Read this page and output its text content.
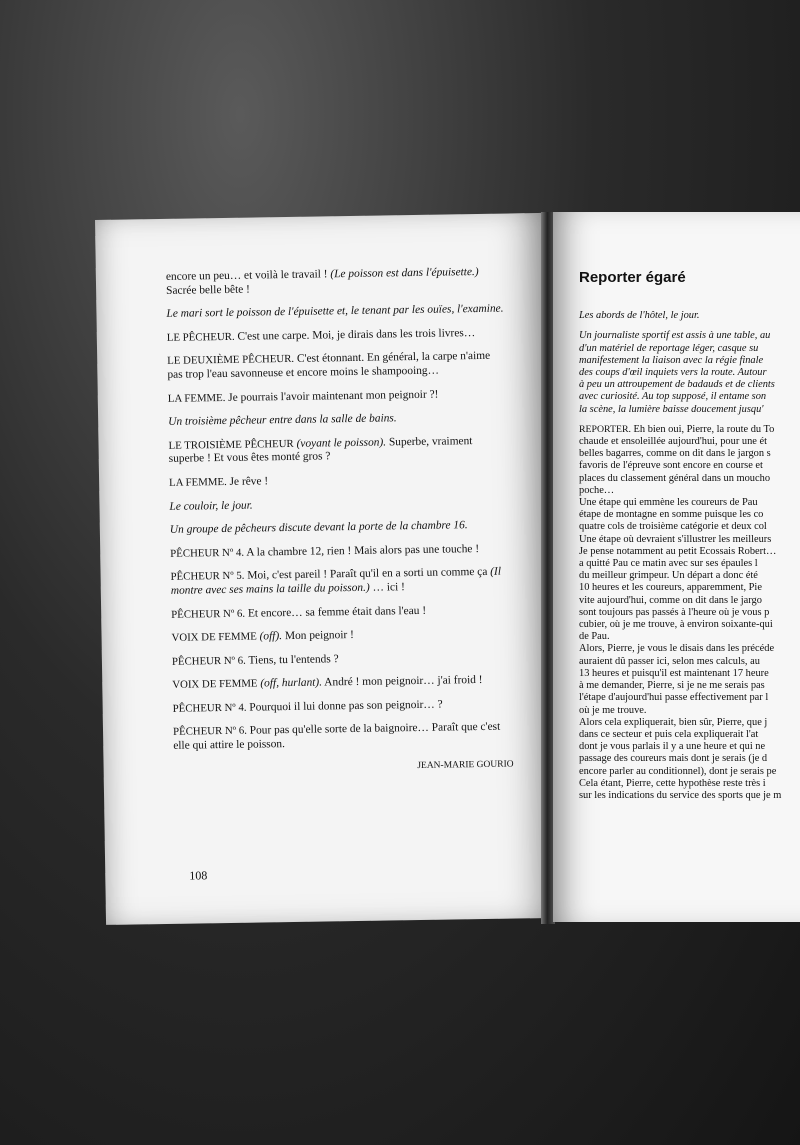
encore un peu… et voilà le travail ! (Le poisson est dans l'épuisette.) Sacrée belle bête !

Le mari sort le poisson de l'épuisette et, le tenant par les ouïes, l'examine.

LE PÊCHEUR. C'est une carpe. Moi, je dirais dans les trois livres…

LE DEUXIÈME PÊCHEUR. C'est étonnant. En général, la carpe n'aime pas trop l'eau savonneuse et encore moins le shampooing…

LA FEMME. Je pourrais l'avoir maintenant mon peignoir ?!

Un troisième pêcheur entre dans la salle de bains.

LE TROISIÈME PÊCHEUR (voyant le poisson). Superbe, vraiment superbe ! Et vous êtes monté gros ?

LA FEMME. Je rêve !

Le couloir, le jour.

Un groupe de pêcheurs discute devant la porte de la chambre 16.

PÊCHEUR Nº 4. A la chambre 12, rien ! Mais alors pas une touche !

PÊCHEUR Nº 5. Moi, c'est pareil ! Paraît qu'il en a sorti un comme ça (Il montre avec ses mains la taille du poisson.) … ici !

PÊCHEUR Nº 6. Et encore… sa femme était dans l'eau !

VOIX DE FEMME (off). Mon peignoir !

PÊCHEUR Nº 6. Tiens, tu l'entends ?

VOIX DE FEMME (off, hurlant). André ! mon peignoir… j'ai froid !

PÊCHEUR Nº 4. Pourquoi il lui donne pas son peignoir… ?

PÊCHEUR Nº 6. Pour pas qu'elle sorte de la baignoire… Paraît que c'est elle qui attire le poisson.

JEAN-MARIE GOURIO
108
Reporter égaré

Les abords de l'hôtel, le jour.

Un journaliste sportif est assis à une table, au
d'un matériel de reportage léger, casque su
manifestement la liaison avec la régie finale
des coups d'œil inquiets vers la route. Autour
à peu un attroupement de badauds et de clients
avec curiosité. Au top supposé, il entame son
la scène, la lumière baisse doucement jusqu'

REPORTER. Eh bien oui, Pierre, la route du To
chaude et ensoleillée aujourd'hui, pour une ét
belles bagarres, comme on dit dans le jargon s
favoris de l'épreuve sont encore en course et
places du classement général dans un moucho
poche…
Une étape qui emmène les coureurs de Pau
étape de montagne en somme puisque les co
quatre cols de troisième catégorie et deux col
Une étape où devraient s'illustrer les meilleurs
Je pense notamment au petit Ecossais Robert…
a quitté Pau ce matin avec sur ses épaules l
du meilleur grimpeur. Un départ a donc été
10 heures et les coureurs, apparemment, Pie
vite aujourd'hui, comme on dit dans le jargo
sont toujours pas passés à l'heure où je vous p
cubier, où je me trouve, à environ soixante-qui
de Pau.
Alors, Pierre, je vous le disais dans les précéde
auraient dû passer ici, selon mes calculs, au
13 heures et puisqu'il est maintenant 17 heure
à me demander, Pierre, si je ne me serais pas
l'étape d'aujourd'hui passe effectivement par l
où je me trouve.
Alors cela expliquerait, bien sûr, Pierre, que j
dans ce secteur et puis cela expliquerait l'at
dont je vous parlais il y a une heure et qui ne
passage des coureurs mais dont je serais (je d
encore parler au conditionnel), dont je serais pe
Cela étant, Pierre, cette hypothèse reste très i
sur les indications du service des sports que je m
